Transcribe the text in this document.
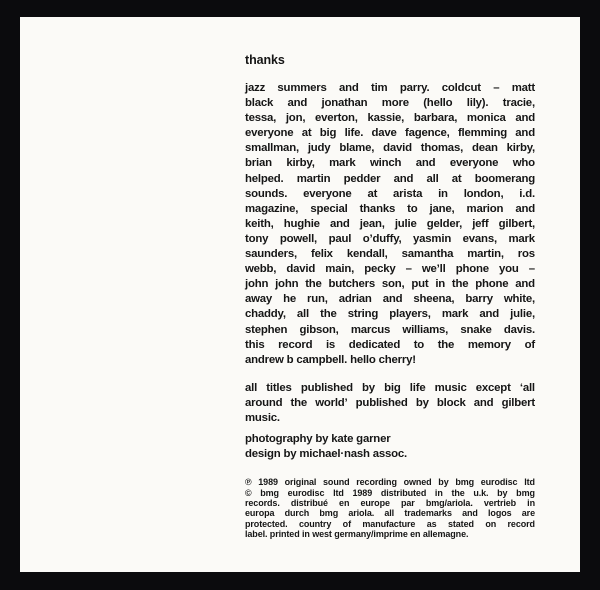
thanks
jazz summers and tim parry. coldcut – matt
black and jonathan more (hello lily). tracie,
tessa, jon, everton, kassie, barbara, monica and
everyone at big life. dave fagence, flemming and
smallman, judy blame, david thomas, dean kirby,
brian kirby, mark winch and everyone who
helped. martin pedder and all at boomerang
sounds. everyone at arista in london, i.d.
magazine, special thanks to jane, marion and
keith, hughie and jean, julie gelder, jeff gilbert,
tony powell, paul o’duffy, yasmin evans, mark
saunders, felix kendall, samantha martin, ros
webb, david main, pecky – we’ll phone you –
john john the butchers son, put in the phone and
away he run, adrian and sheena, barry white,
chaddy, all the string players, mark and julie,
stephen gibson, marcus williams, snake davis.
this record is dedicated to the memory of
andrew b campbell. hello cherry!
all titles published by big life music except ‘all
around the world’ published by block and gilbert
music.
photography by kate garner
design by michael·nash assoc.
℗ 1989 original sound recording owned by bmg eurodisc ltd
© bmg eurodisc ltd 1989 distributed in the u.k. by bmg
records. distribué en europe par bmg/ariola. vertrieb in
europa durch bmg ariola. all trademarks and logos are
protected. country of manufacture as stated on record
label. printed in west germany/imprime en allemagne.
